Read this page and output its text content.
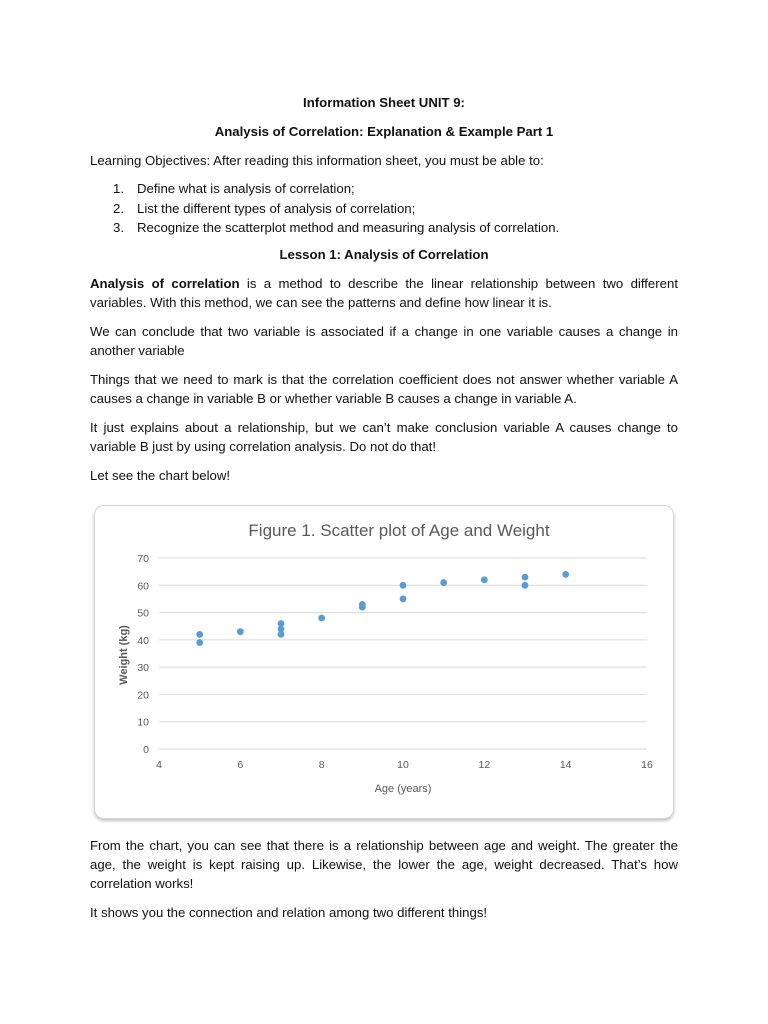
Information Sheet UNIT 9:
Analysis of Correlation: Explanation & Example Part 1
Learning Objectives: After reading this information sheet, you must be able to:
1. Define what is analysis of correlation;
2. List the different types of analysis of correlation;
3. Recognize the scatterplot method and measuring analysis of correlation.
Lesson 1: Analysis of Correlation
Analysis of correlation is a method to describe the linear relationship between two different variables. With this method, we can see the patterns and define how linear it is.
We can conclude that two variable is associated if a change in one variable causes a change in another variable
Things that we need to mark is that the correlation coefficient does not answer whether variable A causes a change in variable B or whether variable B causes a change in variable A.
It just explains about a relationship, but we can’t make conclusion variable A causes change to variable B just by using correlation analysis. Do not do that!
Let see the chart below!
Figure 1. Scatter plot of Age and Weight
0
10
20
30
40
50
60
70
4	6	8	10	12	14	16
Age (years)
Weight (kg)
From the chart, you can see that there is a relationship between age and weight. The greater the age, the weight is kept raising up. Likewise, the lower the age, weight decreased. That’s how correlation works!
It shows you the connection and relation among two different things!
